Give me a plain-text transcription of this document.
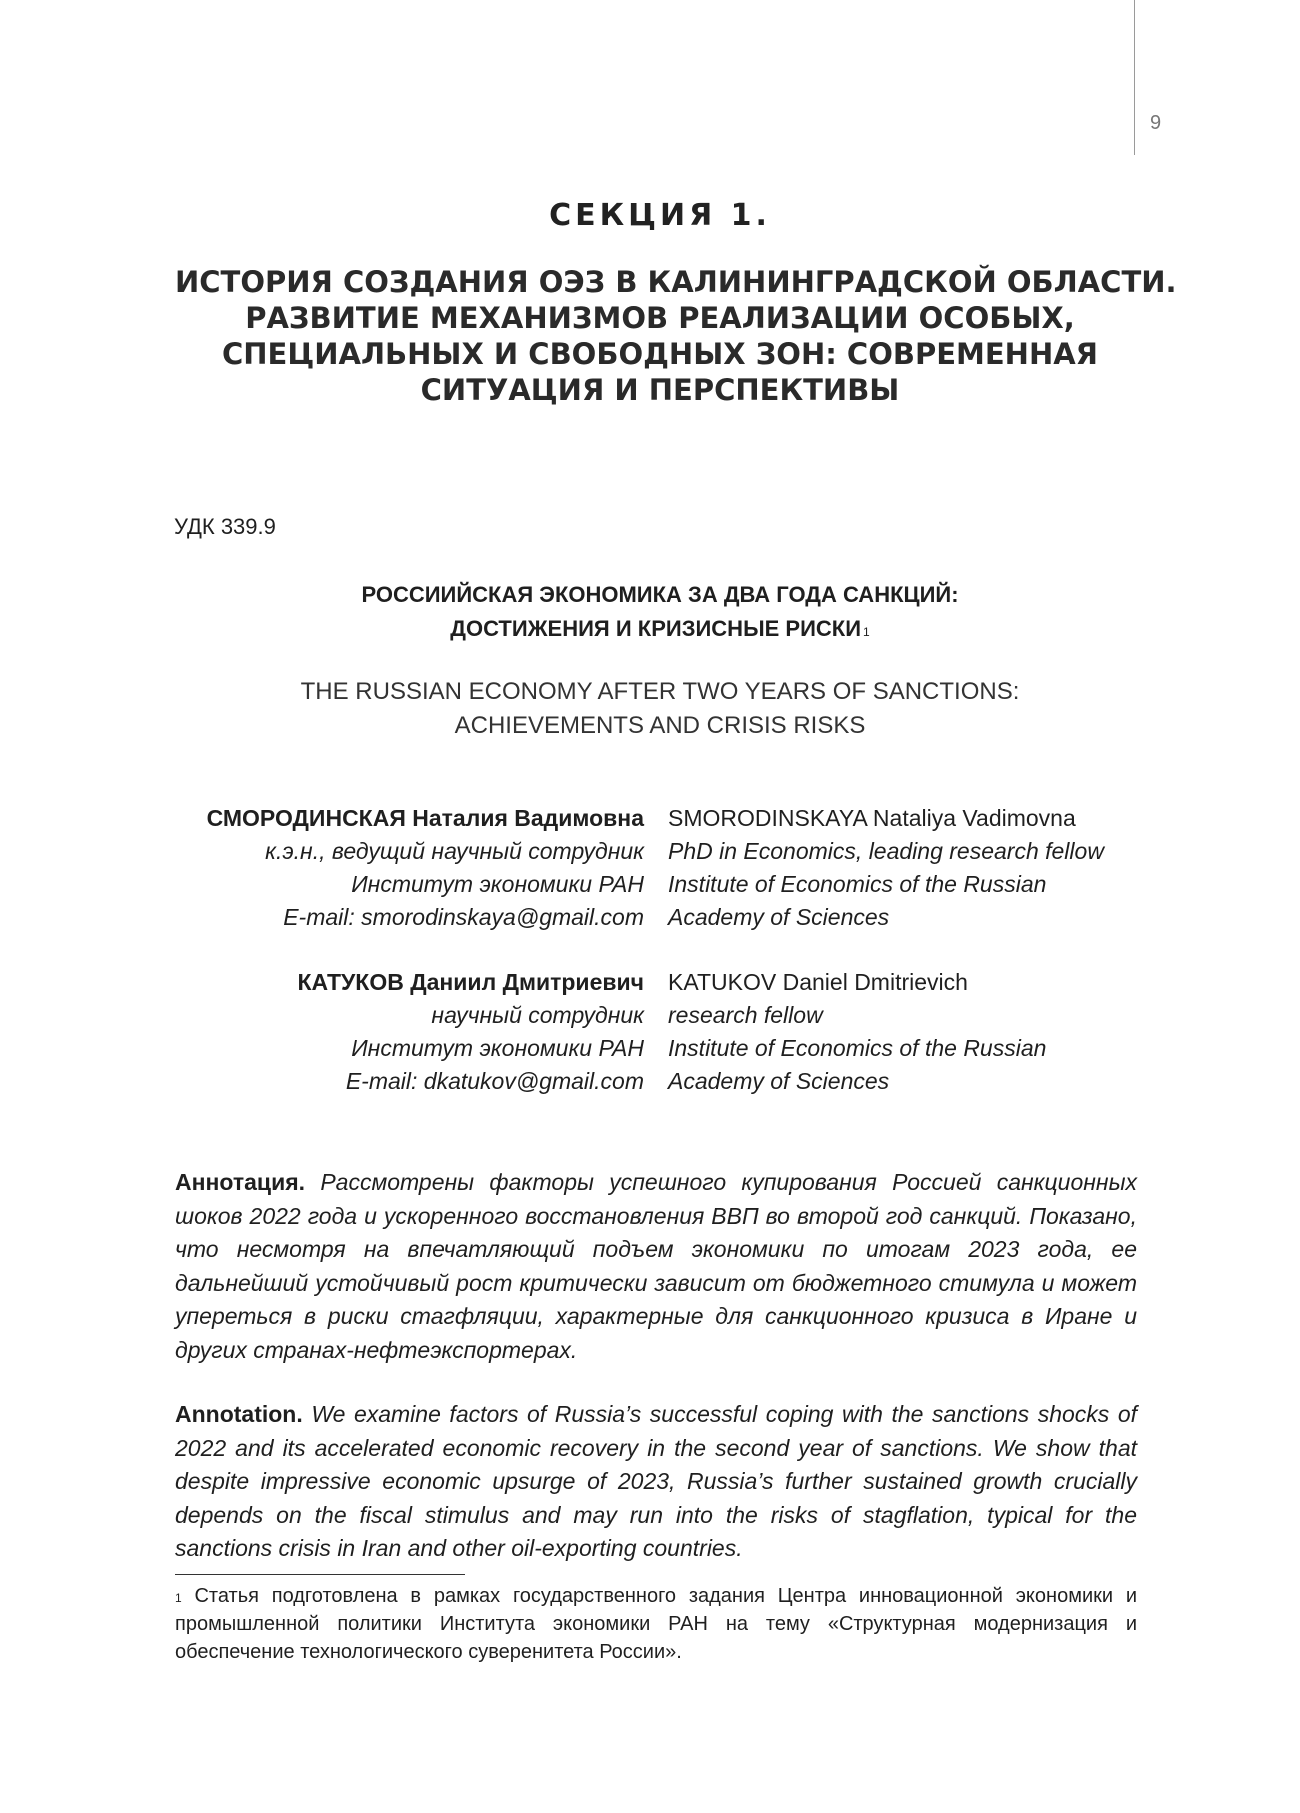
9
СЕКЦИЯ 1.
ИСТОРИЯ СОЗДАНИЯ ОЭЗ В КАЛИНИНГРАДСКОЙ ОБЛАСТИ.
РАЗВИТИЕ МЕХАНИЗМОВ РЕАЛИЗАЦИИ ОСОБЫХ,
СПЕЦИАЛЬНЫХ И СВОБОДНЫХ ЗОН: СОВРЕМЕННАЯ
СИТУАЦИЯ И ПЕРСПЕКТИВЫ
УДК 339.9
РОССИИЙСКАЯ ЭКОНОМИКА ЗА ДВА ГОДА САНКЦИЙ:
ДОСТИЖЕНИЯ И КРИЗИСНЫЕ РИСКИ $^1$
THE RUSSIAN ECONOMY AFTER TWO YEARS OF SANCTIONS:
ACHIEVEMENTS AND CRISIS RISKS
СМОРОДИНСКАЯ Наталия Вадимовна
к.э.н., ведущий научный сотрудник
Институт экономики РАН
E-mail: smorodinskaya@gmail.com
SMORODINSKAYA Nataliya Vadimovna
PhD in Economics, leading research fellow
Institute of Economics of the Russian
Academy of Sciences
КАТУКОВ Даниил Дмитриевич
научный сотрудник
Институт экономики РАН
E-mail: dkatukov@gmail.com
KATUKOV Daniel Dmitrievich
research fellow
Institute of Economics of the Russian
Academy of Sciences
Аннотация. Рассмотрены факторы успешного купирования Россией санкционных шоков 2022 года и ускоренного восстановления ВВП во второй год санкций. Показано, что несмотря на впечатляющий подъем экономики по итогам 2023 года, ее дальнейший устойчивый рост критически зависит от бюджетного стимула и может упереться в риски стагфляции, характерные для санкционного кризиса в Иране и других странах-нефтеэкспортерах.
Annotation. We examine factors of Russia’s successful coping with the sanctions shocks of 2022 and its accelerated economic recovery in the second year of sanctions. We show that despite impressive economic upsurge of 2023, Russia’s further sustained growth crucially depends on the fiscal stimulus and may run into the risks of stagflation, typical for the sanctions crisis in Iran and other oil-exporting countries.
$^1$ Статья подготовлена в рамках государственного задания Центра инновационной экономики и промышленной политики Института экономики РАН на тему «Структурная модернизация и обеспечение технологического суверенитета России».
